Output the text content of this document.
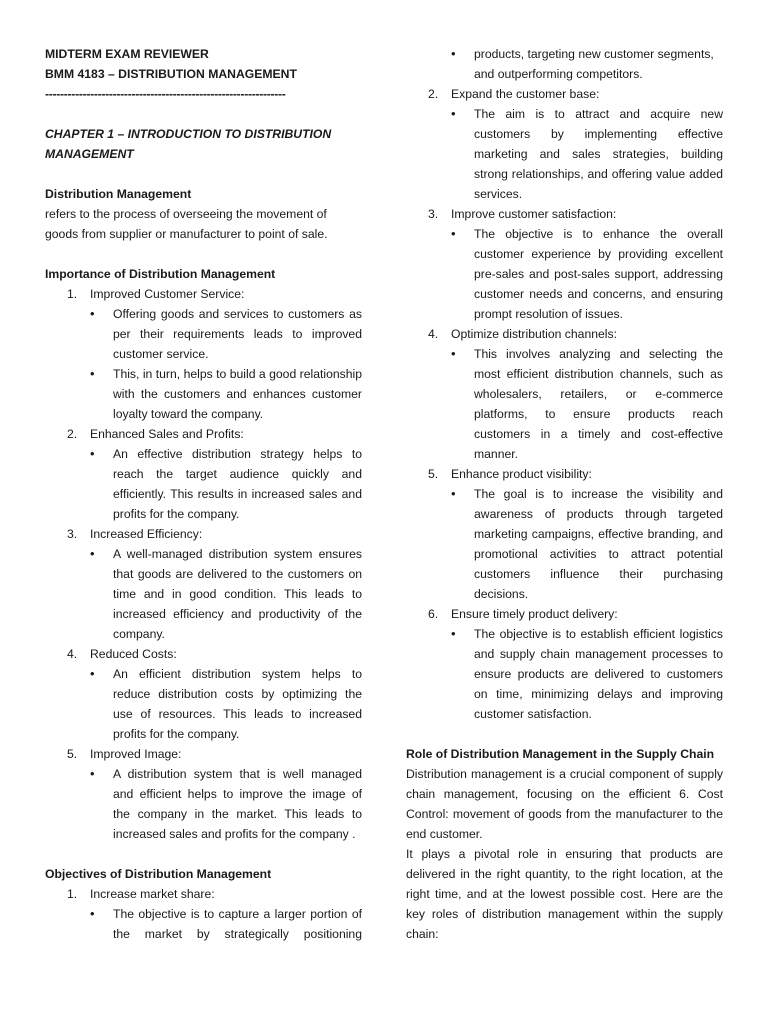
MIDTERM EXAM REVIEWER
BMM 4183 – DISTRIBUTION MANAGEMENT
----------------------------------------------------------------
CHAPTER 1 – INTRODUCTION TO DISTRIBUTION MANAGEMENT
Distribution Management
refers to the process of overseeing the movement of goods from supplier or manufacturer to point of sale.
Importance of Distribution Management
1. Improved Customer Service:
• Offering goods and services to customers as per their requirements leads to improved customer service.
• This, in turn, helps to build a good relationship with the customers and enhances customer loyalty toward the company.
2. Enhanced Sales and Profits:
• An effective distribution strategy helps to reach the target audience quickly and efficiently. This results in increased sales and profits for the company.
3. Increased Efficiency:
• A well-managed distribution system ensures that goods are delivered to the customers on time and in good condition. This leads to increased efficiency and productivity of the company.
4. Reduced Costs:
• An efficient distribution system helps to reduce distribution costs by optimizing the use of resources. This leads to increased profits for the company.
5. Improved Image:
• A distribution system that is well managed and efficient helps to improve the image of the company in the market. This leads to increased sales and profits for the company .
Objectives of Distribution Management
1. Increase market share:
• The objective is to capture a larger portion of the market by strategically positioning
• products, targeting new customer segments, and outperforming competitors.
2. Expand the customer base:
• The aim is to attract and acquire new customers by implementing effective marketing and sales strategies, building strong relationships, and offering value added services.
3. Improve customer satisfaction:
• The objective is to enhance the overall customer experience by providing excellent pre-sales and post-sales support, addressing customer needs and concerns, and ensuring prompt resolution of issues.
4. Optimize distribution channels:
• This involves analyzing and selecting the most efficient distribution channels, such as wholesalers, retailers, or e-commerce platforms, to ensure products reach customers in a timely and cost-effective manner.
5. Enhance product visibility:
• The goal is to increase the visibility and awareness of products through targeted marketing campaigns, effective branding, and promotional activities to attract potential customers influence their purchasing decisions.
6. Ensure timely product delivery:
• The objective is to establish efficient logistics and supply chain management processes to ensure products are delivered to customers on time, minimizing delays and improving customer satisfaction.
Role of Distribution Management in the Supply Chain
Distribution management is a crucial component of supply chain management, focusing on the efficient 6. Cost Control: movement of goods from the manufacturer to the end customer.
It plays a pivotal role in ensuring that products are delivered in the right quantity, to the right location, at the right time, and at the lowest possible cost. Here are the key roles of distribution management within the supply chain:
